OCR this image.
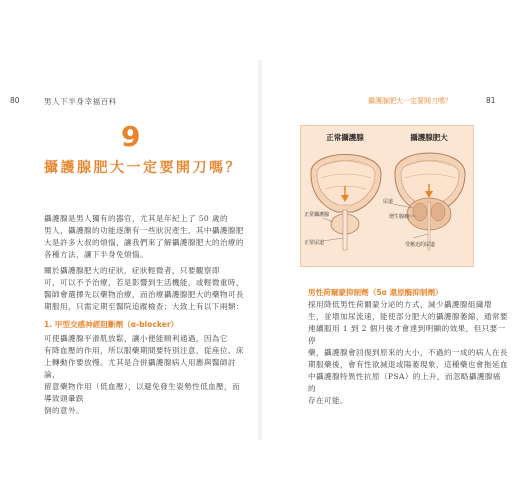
80	男人下半身幸福百科
9
攝護腺肥大一定要開刀嗎？
攝護腺是男人獨有的器官，尤其是年紀上了 50 歲的
男人，攝護腺的功能逐漸有一些狀況產生，其中攝護腺肥
大是許多大叔的煩惱，讓我們來了解攝護腺肥大的治療的
各種方法，讓下半身免煩惱。
關於攝護腺肥大的症狀，症狀輕微者，只要觀察即
可，可以不予治療，若是影響到生活機能，或輕微重時，
醫師會選擇先以藥物治療，而治療攝護腺肥大的藥物可長
期服用，只需定期至醫院追蹤檢查；大致上有以下兩類：
1. 甲型交感神經阻斷劑（α-blocker）
可使攝護腺平滑肌放鬆，讓小便能順利通過，因為它
有降血壓的作用，所以服藥期間要特別注意，從座位、床
上轉動作要放慢。尤其是合併攝護腺病人用應與醫師討論，
留意藥物作用（低血壓），以避免發生姿勢性低血壓，而導致頭暈跌
倒的意外。
攝護腺肥大一定要開刀嗎？	81
男性荷爾蒙抑制劑（5α 還原酶抑制劑）
採用降低男性荷爾蒙分泌的方式，減少攝護腺組織增
生，並增加尿流速，能使部分肥大的攝護腺萎縮，通常要
連續服用 1 到 2 個月後才會達到明顯的效果，但只要一停
藥，攝護腺會回復到原來的大小，不過約一成的病人在長
期服藥後，會有性欲減退或陽萎現象，這種藥也會拖延血
中攝護腺特異性抗原（PSA）的上升，而忽略攝護腺癌的
存在可能。
正常攝護腺	攝護腺肥大
正常攝護腺
正常尿道
尿道
增生腺瘤
受壓迫的尿道
